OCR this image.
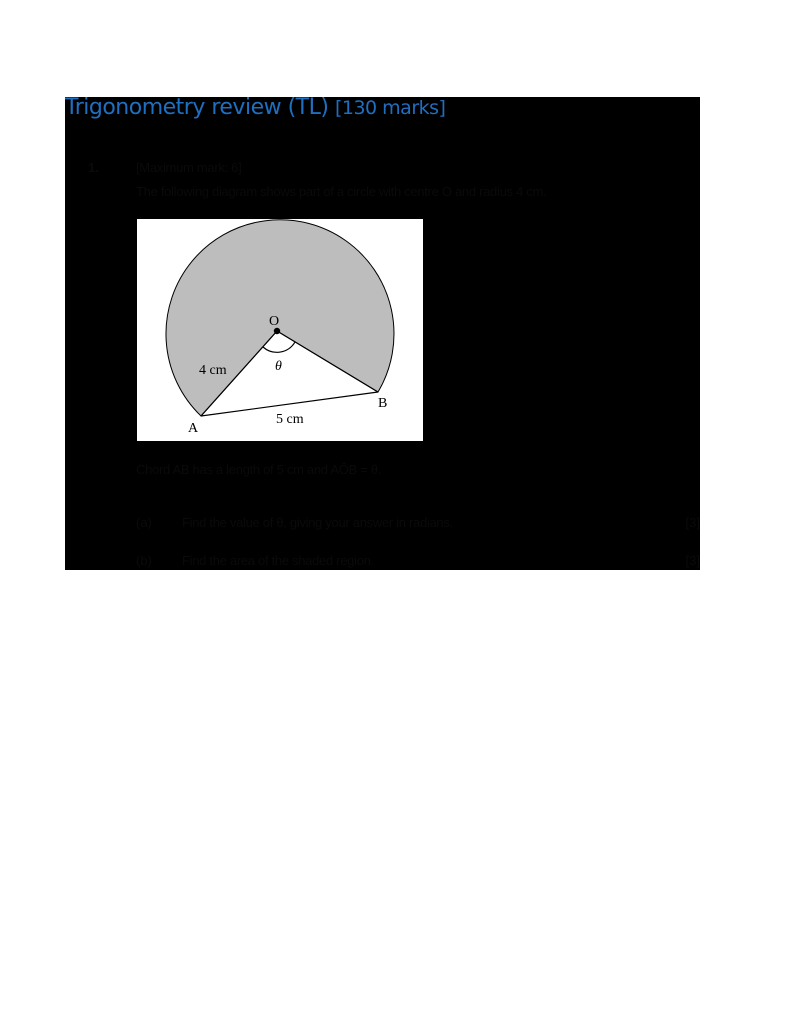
Trigonometry review (TL) [130 marks]
1.	[Maximum mark: 6]
The following diagram shows part of a circle with centre O and radius 4 cm.
O
θ
4 cm
5 cm
A
B
Chord AB has a length of 5 cm and AÔB = θ.
(a) Find the value of θ, giving your answer in radians.	[3]
(b) Find the area of the shaded region.	[3]
